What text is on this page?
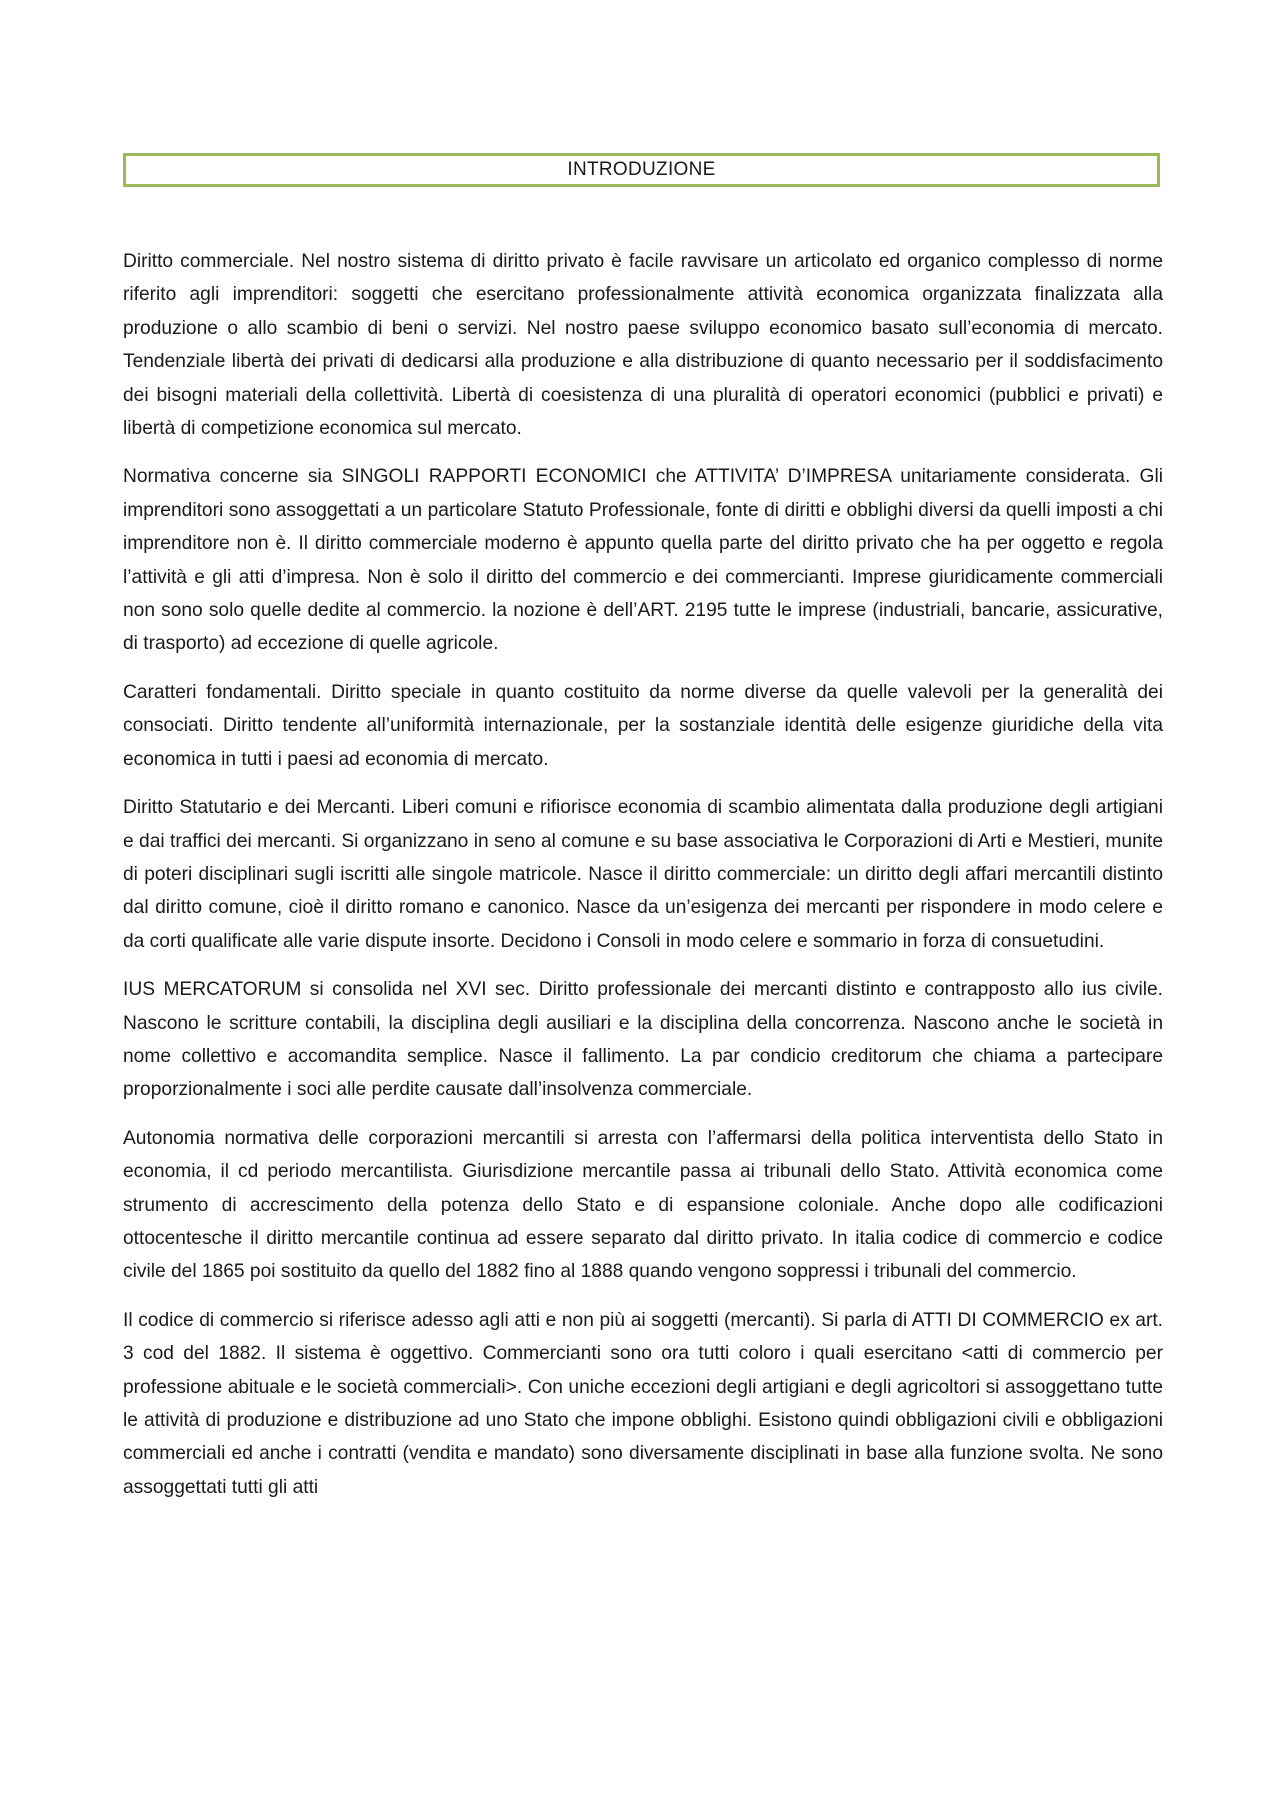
INTRODUZIONE

Diritto commerciale. Nel nostro sistema di diritto privato è facile ravvisare un articolato ed organico complesso di norme riferito agli imprenditori: soggetti che esercitano professionalmente attività economica organizzata finalizzata alla produzione o allo scambio di beni o servizi. Nel nostro paese sviluppo economico basato sull’economia di mercato. Tendenziale libertà dei privati di dedicarsi alla produzione e alla distribuzione di quanto necessario per il soddisfacimento dei bisogni materiali della collettività. Libertà di coesistenza di una pluralità di operatori economici (pubblici e privati) e libertà di competizione economica sul mercato.

Normativa concerne sia SINGOLI RAPPORTI ECONOMICI che ATTIVITA’ D’IMPRESA unitariamente considerata. Gli imprenditori sono assoggettati a un particolare Statuto Professionale, fonte di diritti e obblighi diversi da quelli imposti a chi imprenditore non è. Il diritto commerciale moderno è appunto quella parte del diritto privato che ha per oggetto e regola l’attività e gli atti d’impresa. Non è solo il diritto del commercio e dei commercianti. Imprese giuridicamente commerciali non sono solo quelle dedite al commercio. la nozione è dell’ART. 2195 tutte le imprese (industriali, bancarie, assicurative, di trasporto) ad eccezione di quelle agricole.

Caratteri fondamentali. Diritto speciale in quanto costituito da norme diverse da quelle valevoli per la generalità dei consociati. Diritto tendente all’uniformità internazionale, per la sostanziale identità delle esigenze giuridiche della vita economica in tutti i paesi ad economia di mercato.

Diritto Statutario e dei Mercanti. Liberi comuni e rifiorisce economia di scambio alimentata dalla produzione degli artigiani e dai traffici dei mercanti. Si organizzano in seno al comune e su base associativa le Corporazioni di Arti e Mestieri, munite di poteri disciplinari sugli iscritti alle singole matricole. Nasce il diritto commerciale: un diritto degli affari mercantili distinto dal diritto comune, cioè il diritto romano e canonico. Nasce da un’esigenza dei mercanti per rispondere in modo celere e da corti qualificate alle varie dispute insorte. Decidono i Consoli in modo celere e sommario in forza di consuetudini.

IUS MERCATORUM si consolida nel XVI sec. Diritto professionale dei mercanti distinto e contrapposto allo ius civile. Nascono le scritture contabili, la disciplina degli ausiliari e la disciplina della concorrenza. Nascono anche le società in nome collettivo e accomandita semplice. Nasce il fallimento. La par condicio creditorum che chiama a partecipare proporzionalmente i soci alle perdite causate dall’insolvenza commerciale.

Autonomia normativa delle corporazioni mercantili si arresta con l’affermarsi della politica interventista dello Stato in economia, il cd periodo mercantilista. Giurisdizione mercantile passa ai tribunali dello Stato. Attività economica come strumento di accrescimento della potenza dello Stato e di espansione coloniale. Anche dopo alle codificazioni ottocentesche il diritto mercantile continua ad essere separato dal diritto privato. In italia codice di commercio e codice civile del 1865 poi sostituito da quello del 1882 fino al 1888 quando vengono soppressi i tribunali del commercio.

Il codice di commercio si riferisce adesso agli atti e non più ai soggetti (mercanti). Si parla di ATTI DI COMMERCIO ex art. 3 cod del 1882. Il sistema è oggettivo. Commercianti sono ora tutti coloro i quali esercitano <atti di commercio per professione abituale e le società commerciali>. Con uniche eccezioni degli artigiani e degli agricoltori si assoggettano tutte le attività di produzione e distribuzione ad uno Stato che impone obblighi. Esistono quindi obbligazioni civili e obbligazioni commerciali ed anche i contratti (vendita e mandato) sono diversamente disciplinati in base alla funzione svolta. Ne sono assoggettati tutti gli atti
